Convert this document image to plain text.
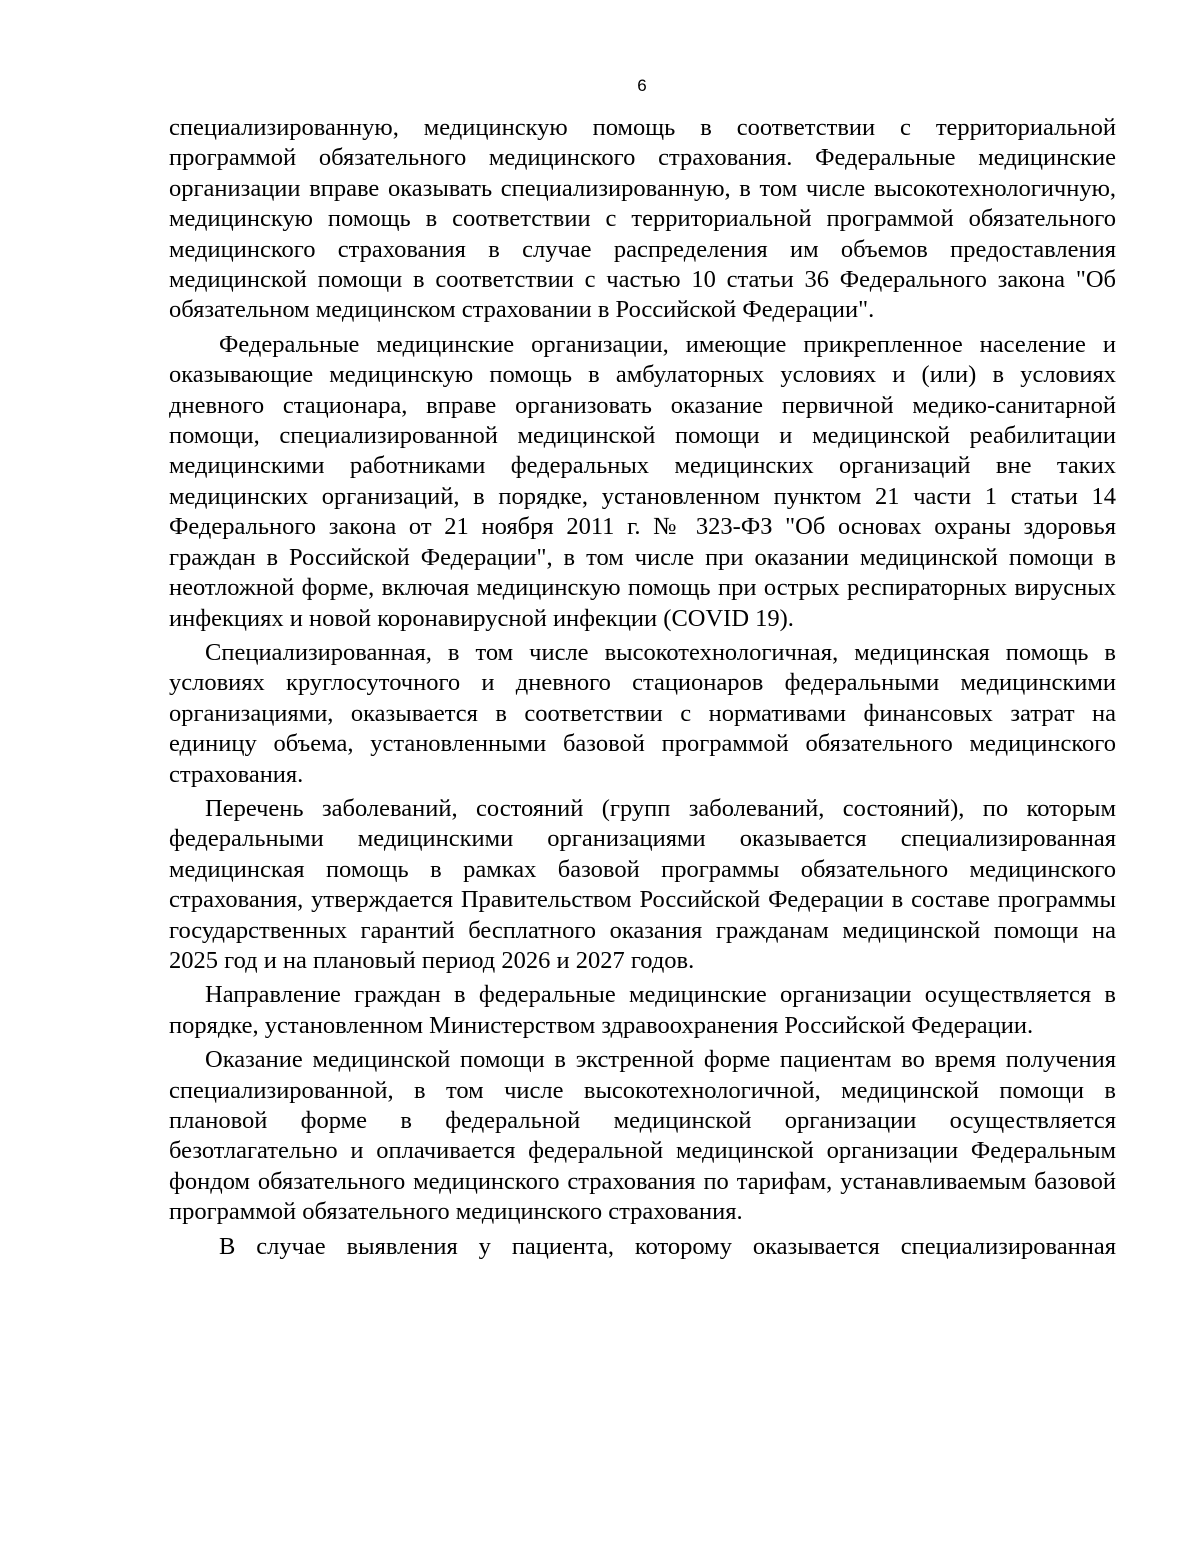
6

специализированную, медицинскую помощь в соответствии с территориальной программой обязательного медицинского страхования. Федеральные медицинские организации вправе оказывать специализированную, в том числе высокотехнологичную, медицинскую помощь в соответствии с территориальной программой обязательного медицинского страхования в случае распределения им объемов предоставления медицинской помощи в соответствии с частью 10 статьи 36 Федерального закона "Об обязательном медицинском страховании в Российской Федерации".

Федеральные медицинские организации, имеющие прикрепленное население и оказывающие медицинскую помощь в амбулаторных условиях и (или) в условиях дневного стационара, вправе организовать оказание первичной медико-санитарной помощи, специализированной медицинской помощи и медицинской реабилитации медицинскими работниками федеральных медицинских организаций вне таких медицинских организаций, в порядке, установленном пунктом 21 части 1 статьи 14 Федерального закона от 21 ноября 2011 г. № 323-ФЗ "Об основах охраны здоровья граждан в Российской Федерации", в том числе при оказании медицинской помощи в неотложной форме, включая медицинскую помощь при острых респираторных вирусных инфекциях и новой коронавирусной инфекции (COVID 19).

Специализированная, в том числе высокотехнологичная, медицинская помощь в условиях круглосуточного и дневного стационаров федеральными медицинскими организациями, оказывается в соответствии с нормативами финансовых затрат на единицу объема, установленными базовой программой обязательного медицинского страхования.

Перечень заболеваний, состояний (групп заболеваний, состояний), по которым федеральными медицинскими организациями оказывается специализированная медицинская помощь в рамках базовой программы обязательного медицинского страхования, утверждается Правительством Российской Федерации в составе программы государственных гарантий бесплатного оказания гражданам медицинской помощи на 2025 год и на плановый период 2026 и 2027 годов.

Направление граждан в федеральные медицинские организации осуществляется в порядке, установленном Министерством здравоохранения Российской Федерации.

Оказание медицинской помощи в экстренной форме пациентам во время получения специализированной, в том числе высокотехнологичной, медицинской помощи в плановой форме в федеральной медицинской организации осуществляется безотлагательно и оплачивается федеральной медицинской организации Федеральным фондом обязательного медицинского страхования по тарифам, устанавливаемым базовой программой обязательного медицинского страхования.

В случае выявления у пациента, которому оказывается специализированная
